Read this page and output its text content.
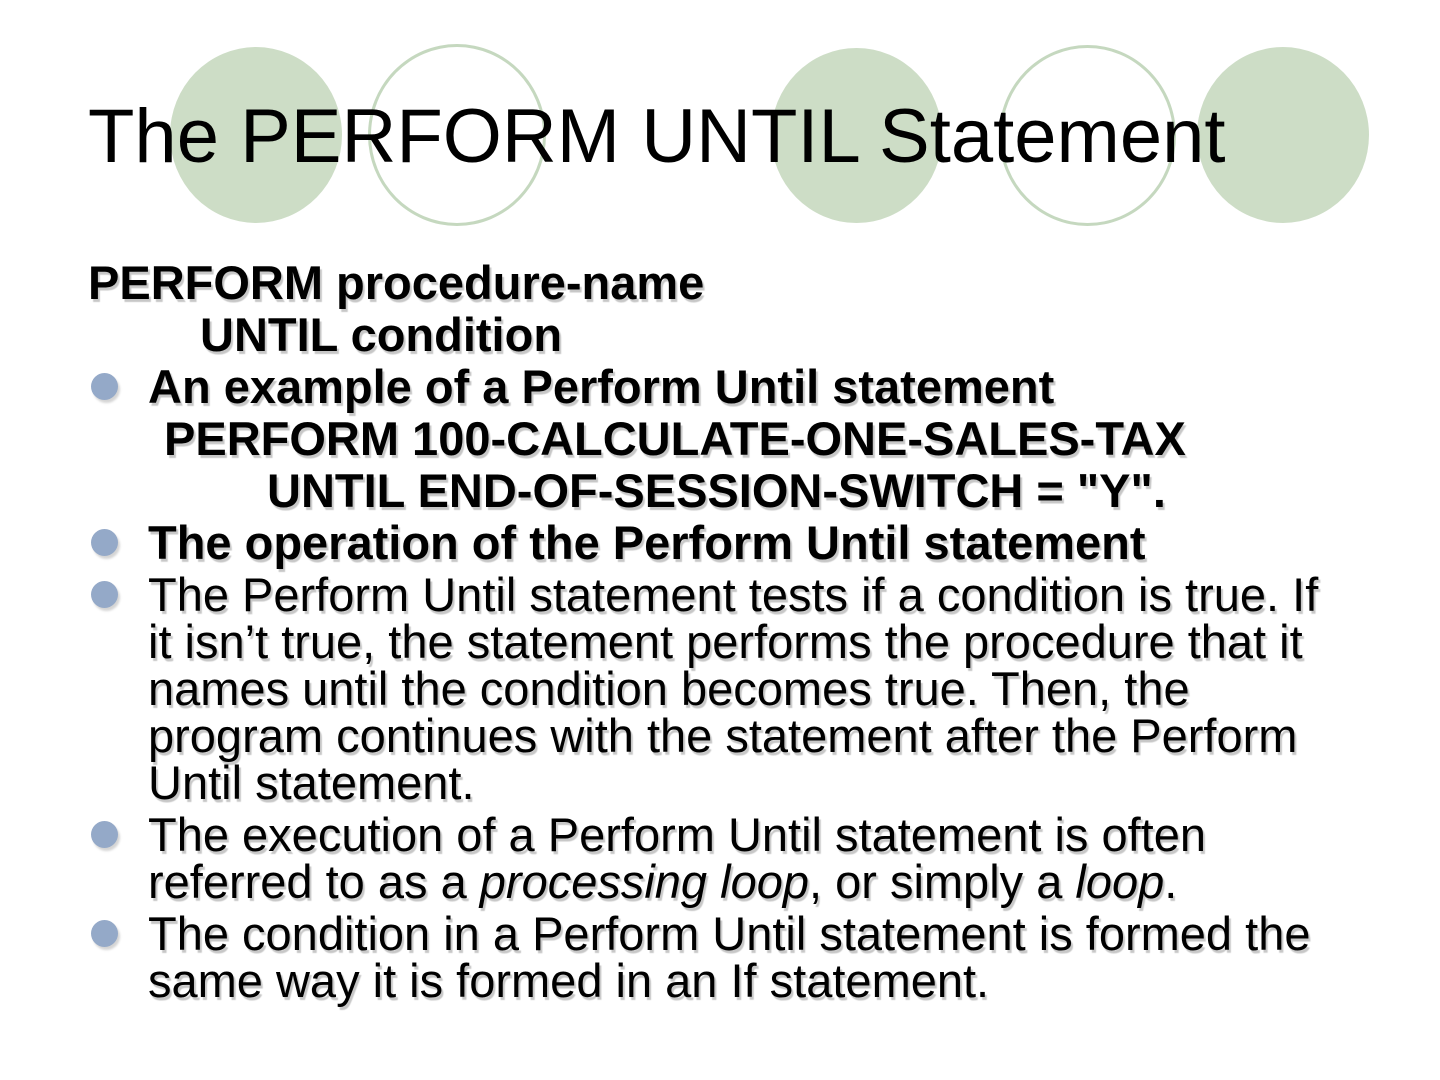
The PERFORM UNTIL Statement
PERFORM procedure-name
UNTIL condition
An example of a Perform Until statement
PERFORM 100-CALCULATE-ONE-SALES-TAX
UNTIL END-OF-SESSION-SWITCH = "Y".
The operation of the Perform Until statement
The Perform Until statement tests if a condition is true. If it isn’t true, the statement performs the procedure that it names until the condition becomes true. Then, the program continues with the statement after the Perform Until statement.
The execution of a Perform Until statement is often referred to as a processing loop, or simply a loop.
The condition in a Perform Until statement is formed the same way it is formed in an If statement.
